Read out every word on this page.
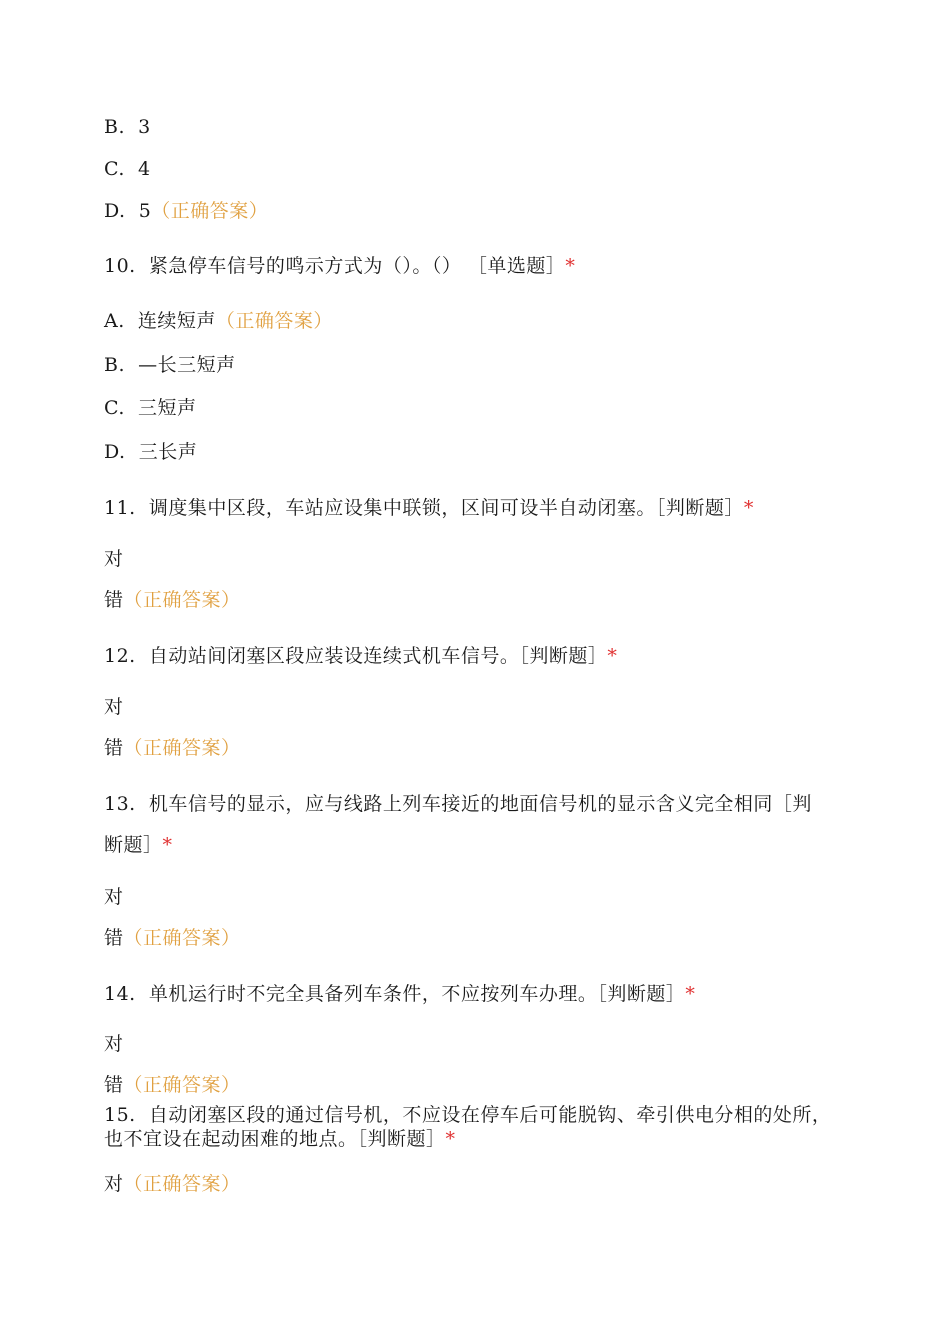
B. 3
C. 4
D. 5（正确答案）
10. 紧急停车信号的鸣示方式为（）。（） ［单选题］*
A. 连续短声（正确答案）
B. —长三短声
C. 三短声
D. 三长声
11. 调度集中区段，车站应设集中联锁，区间可设半自动闭塞。［判断题］*
对
错（正确答案）
12. 自动站间闭塞区段应装设连续式机车信号。［判断题］*
对
错（正确答案）
13. 机车信号的显示，应与线路上列车接近的地面信号机的显示含义完全相同［判
断题］*
对
错（正确答案）
14. 单机运行时不完全具备列车条件，不应按列车办理。［判断题］*
对
错（正确答案）
15. 自动闭塞区段的通过信号机，不应设在停车后可能脱钩、牵引供电分相的处所，
也不宜设在起动困难的地点。［判断题］*
对（正确答案）
